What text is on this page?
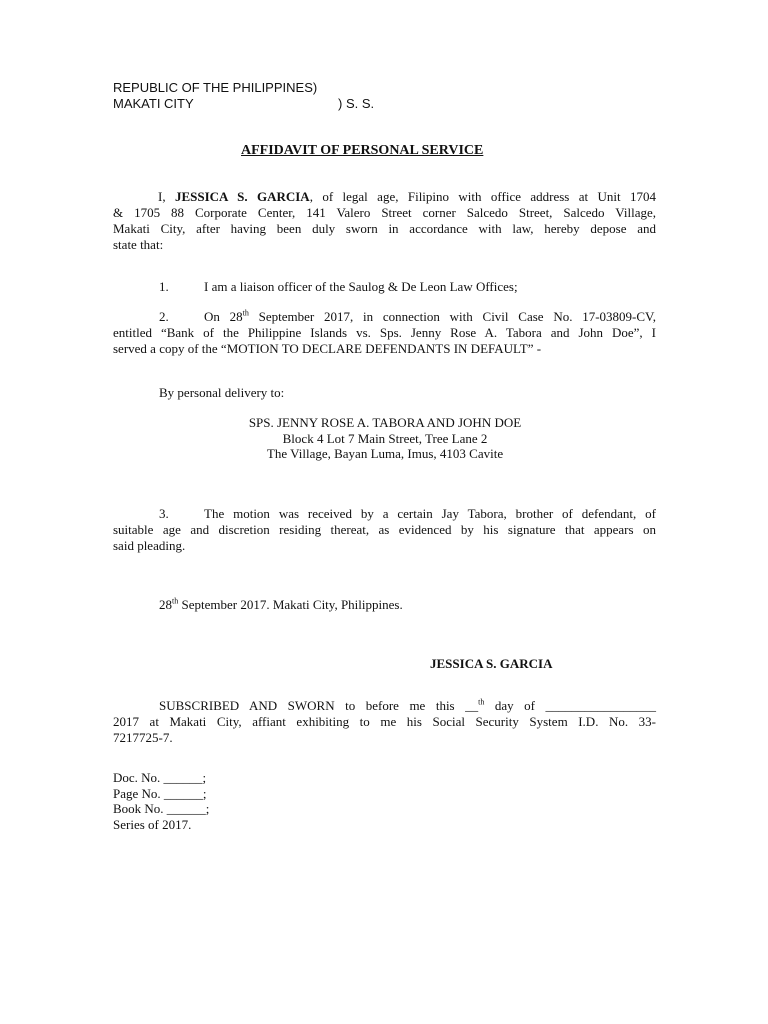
REPUBLIC OF THE PHILIPPINES)
MAKATI CITY	) S. S.
AFFIDAVIT OF PERSONAL SERVICE
I, JESSICA S. GARCIA, of legal age, Filipino with office address at Unit 1704
& 1705 88 Corporate Center, 141 Valero Street corner Salcedo Street, Salcedo Village,
Makati City, after having been duly sworn in accordance with law, hereby depose and
state that:
1.	I am a liaison officer of the Saulog & De Leon Law Offices;
2.	On 28th September 2017, in connection with Civil Case No. 17-03809-CV,
entitled “Bank of the Philippine Islands vs. Sps. Jenny Rose A. Tabora and John Doe”, I
served a copy of the “MOTION TO DECLARE DEFENDANTS IN DEFAULT” -
By personal delivery to:
SPS. JENNY ROSE A. TABORA AND JOHN DOE
Block 4 Lot 7 Main Street, Tree Lane 2
The Village, Bayan Luma, Imus, 4103 Cavite
3.	The motion was received by a certain Jay Tabora, brother of defendant, of
suitable age and discretion residing thereat, as evidenced by his signature that appears on
said pleading.
28th September 2017. Makati City, Philippines.
JESSICA S. GARCIA
SUBSCRIBED AND SWORN to before me this __$^{th}$ day of _________________
2017 at Makati City, affiant exhibiting to me his Social Security System I.D. No. 33-
7217725-7.
Doc. No. ______;
Page No. ______;
Book No. ______;
Series of 2017.
